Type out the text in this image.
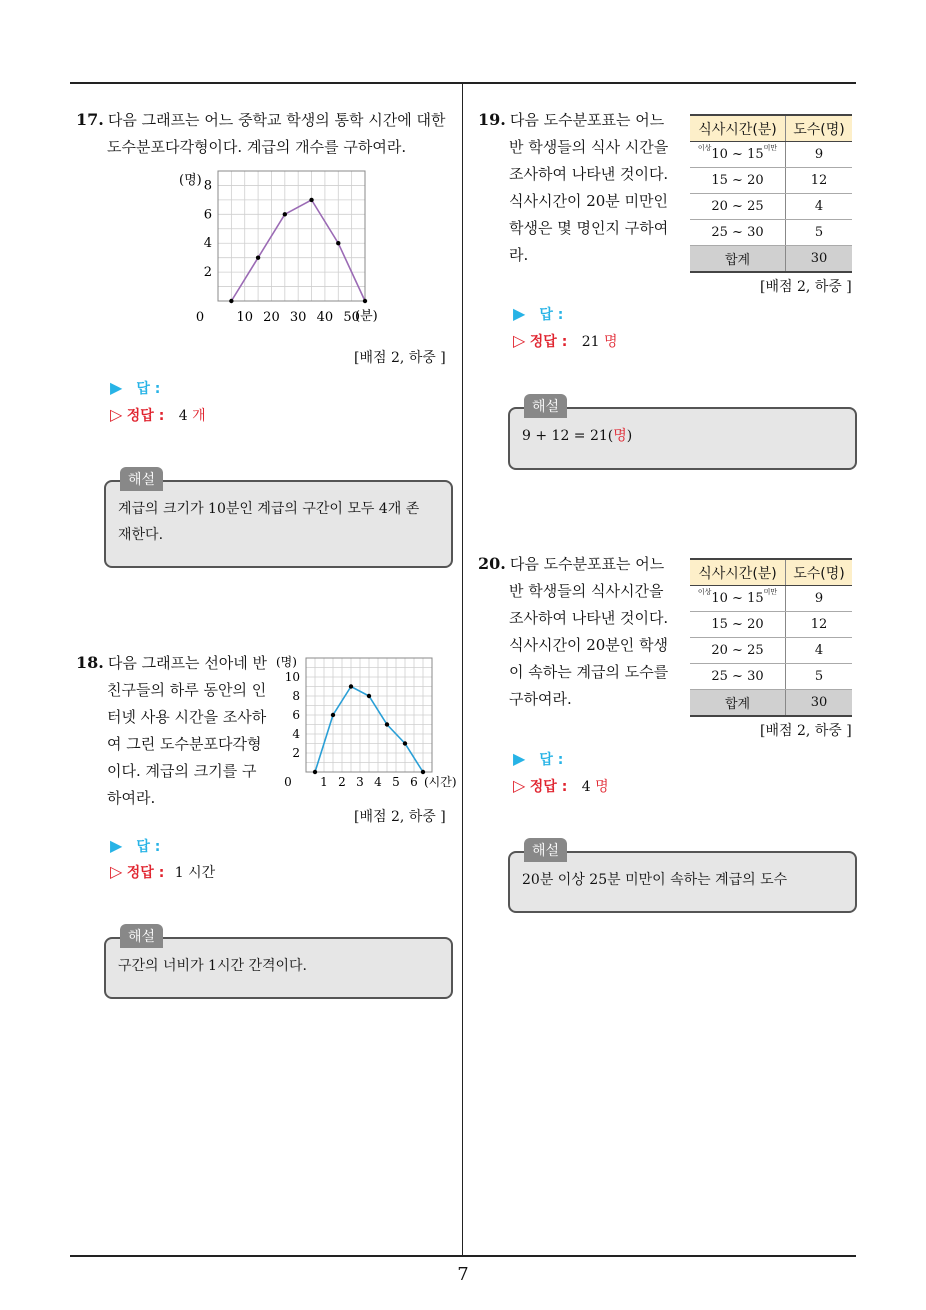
7
17. 다음 그래프는 어느 중학교 학생의 통학 시간에 대한
도수분포다각형이다. 계급의 개수를 구하여라.
(명)
2
4
6
8
0 10 20 30 40 50
(분)
[배점 2, 하중 ]
▶ 답 :
▷ 정답 : 4 개
계급의 크기가 10분인 계급의 구간이 모두 4개 존
재한다.
해설
18. 다음 그래프는 선아네 반
친구들의 하루 동안의 인
터넷 사용 시간을 조사하
여 그린 도수분포다각형
이다. 계급의 크기를 구
하여라.
(명)
2
4
6
8
10
0 1 2 3 4 5 6 (시간)
[배점 2, 하중 ]
▶ 답 :
▷ 정답 : 1 시간
구간의 너비가 1시간 간격이다.
해설
19. 다음 도수분포표는 어느
반 학생들의 식사 시간을
조사하여 나타낸 것이다.
식사시간이 20분 미만인
학생은 몇 명인지 구하여
라.
식사시간(분)	도수(명)
$^{이상}$10 ~ $15^{미만}$	9
15 ~ 20	12
20 ~ 25	4
25 ~ 30	5
합계	30
[배점 2, 하중 ]
▶ 답 :
▷ 정답 : 21 명
9 + 12 = 21(명)
해설
20. 다음 도수분포표는 어느
반 학생들의 식사시간을
조사하여 나타낸 것이다.
식사시간이 20분인 학생
이 속하는 계급의 도수를
구하여라.
식사시간(분)	도수(명)
$^{이상}$10 ~ $15^{미만}$	9
15 ~ 20	12
20 ~ 25	4
25 ~ 30	5
합계	30
[배점 2, 하중 ]
▶ 답 :
▷ 정답 : 4 명
20분 이상 25분 미만이 속하는 계급의 도수
해설
